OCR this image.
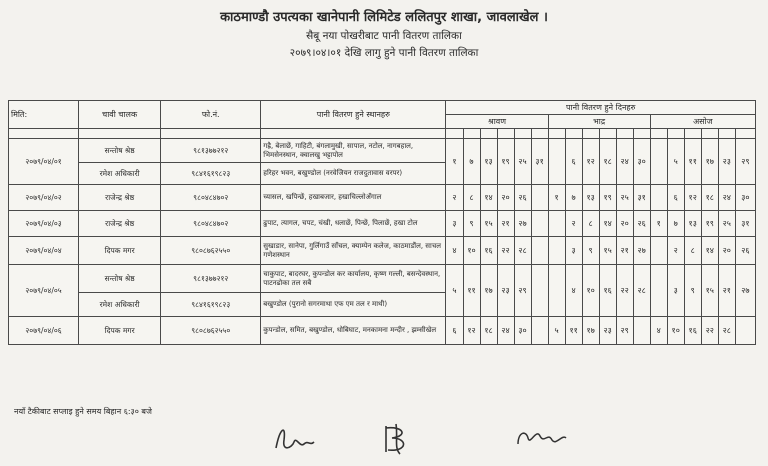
काठमाण्डौ उपत्यका खानेपानी लिमिटेड ललितपुर शाखा, जावलाखेल ।
सैबू नया पोखरीबाट पानी वितरण तालिका
२०७९।०४।०१ देखि लागु हुने पानी वितरण तालिका
मिति:	चावी चालक	फो.नं.	पानी वितरण हुने स्थानहरु	पानी वितरण हुने दिनहरु																	
				श्रावण						भाद्र						असोज					

२०७९/०४/०१	सन्तोष श्रेष्ठ	९८१३७७२१२	गह्रै, बेलाछें, गाहिटी, बंगलामुखी, सापाल, नटोल, नागबहाल, भिमसेनस्थान, क्वालखु भट्टापोल	१	७	१३	१९	२५	३१		६	१२	१८	२४	३०		५	११	१७	२३	२९
	रमेश अधिकारी	९८४१६१९८२३	हरिहर भवन, बखुण्डोल (नरवेजियन राजदुतावास वरपर)																		
२०७९/०४/०२	राजेन्द्र श्रेष्ठ	९८०४८४७०२	च्यासल, खपिन्छें, हखाबजार, हखाचिल्लोअँगाल	२	८	१४	२०	२६		१	७	१३	१९	२५	३१		६	१२	१८	२४	३०
२०७९/०४/०३	राजेन्द्र श्रेष्ठ	९८०४८४७०२	ढुपाट, त्यागल, चपट, चंखी, धलाछें, पिन्छें, पिलाछें, हखा टोल	३	९	१५	२१	२७			२	८	१४	२०	२६	१	७	१३	१९	२५	३१
२०७९/०४/०४	दिपक मगर	९८०८७६२५५०	सुखाडार, सानेपा, गुर्लिगाउँ साँचल, क्याम्पेन कलेज, काठमाडौंल, साचल गणेशस्थान	४	१०	१६	२२	२८			३	९	१५	२१	२७		२	८	१४	२०	२६
२०७९/०४/०५	सन्तोष श्रेष्ठ	९८१३७७२१२	चाकुपाट, बादरघर, कुपन्डोल कर कार्यालय, कृष्ण गल्ली, बसन्देवस्थान, पाटनढोका तल सबै	५	११	१७	२३	२९			४	१०	१६	२२	२८		३	९	१५	२१	२७
	रमेश अधिकारी	९८४१६१९८२३	बखुण्डोल (पुरानो सगरमाथा एफ एम तल र माथी)																		
२०७९/०४/०६	दिपक मगर	९८०८७६२५५०	कुपन्डोल, समित, बखुण्डोल, धोबिघाट, मनकामना मन्दीर , झम्सीखेल	६	१२	१८	२४	३०		५	११	१७	२३	२९		४	१०	१६	२२	२८	
नयाँ टैकीबाट सप्लाइ हुने समय बिहान ६:३० बजे
